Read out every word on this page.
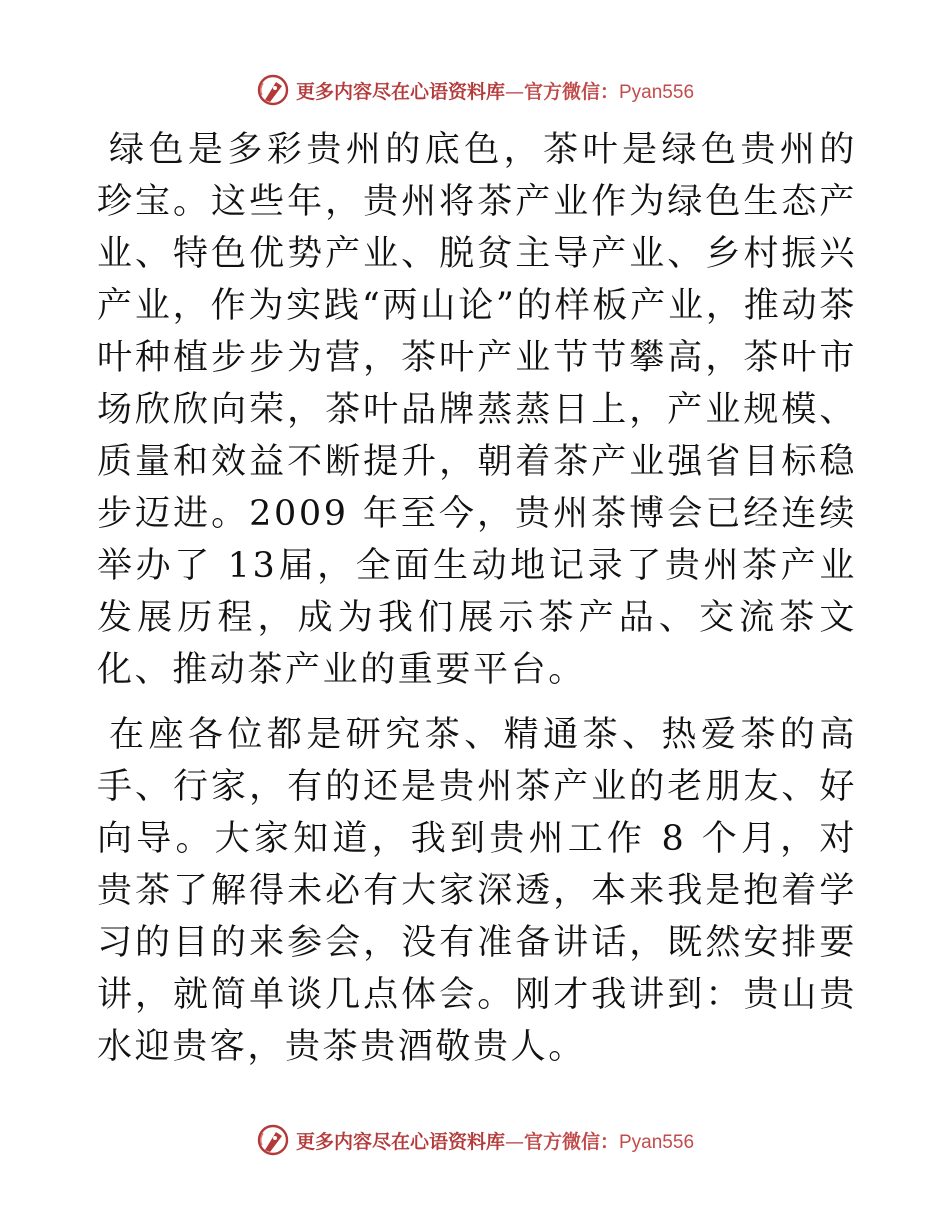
更多内容尽在心语资料库—官方微信：Pyan556

绿色是多彩贵州的底色，茶叶是绿色贵州的珍宝。这些年，贵州将茶产业作为绿色生态产业、特色优势产业、脱贫主导产业、乡村振兴产业，作为实践“两山论”的样板产业，推动茶叶种植步步为营，茶叶产业节节攀高，茶叶市场欣欣向荣，茶叶品牌蒸蒸日上，产业规模、质量和效益不断提升，朝着茶产业强省目标稳步迈进。2009 年至今，贵州茶博会已经连续举办了 13届，全面生动地记录了贵州茶产业发展历程，成为我们展示茶产品、交流茶文化、推动茶产业的重要平台。

在座各位都是研究茶、精通茶、热爱茶的高手、行家，有的还是贵州茶产业的老朋友、好向导。大家知道，我到贵州工作 8 个月，对贵茶了解得未必有大家深透，本来我是抱着学习的目的来参会，没有准备讲话，既然安排要讲，就简单谈几点体会。刚才我讲到：贵山贵水迎贵客，贵茶贵酒敬贵人。

更多内容尽在心语资料库—官方微信：Pyan556
